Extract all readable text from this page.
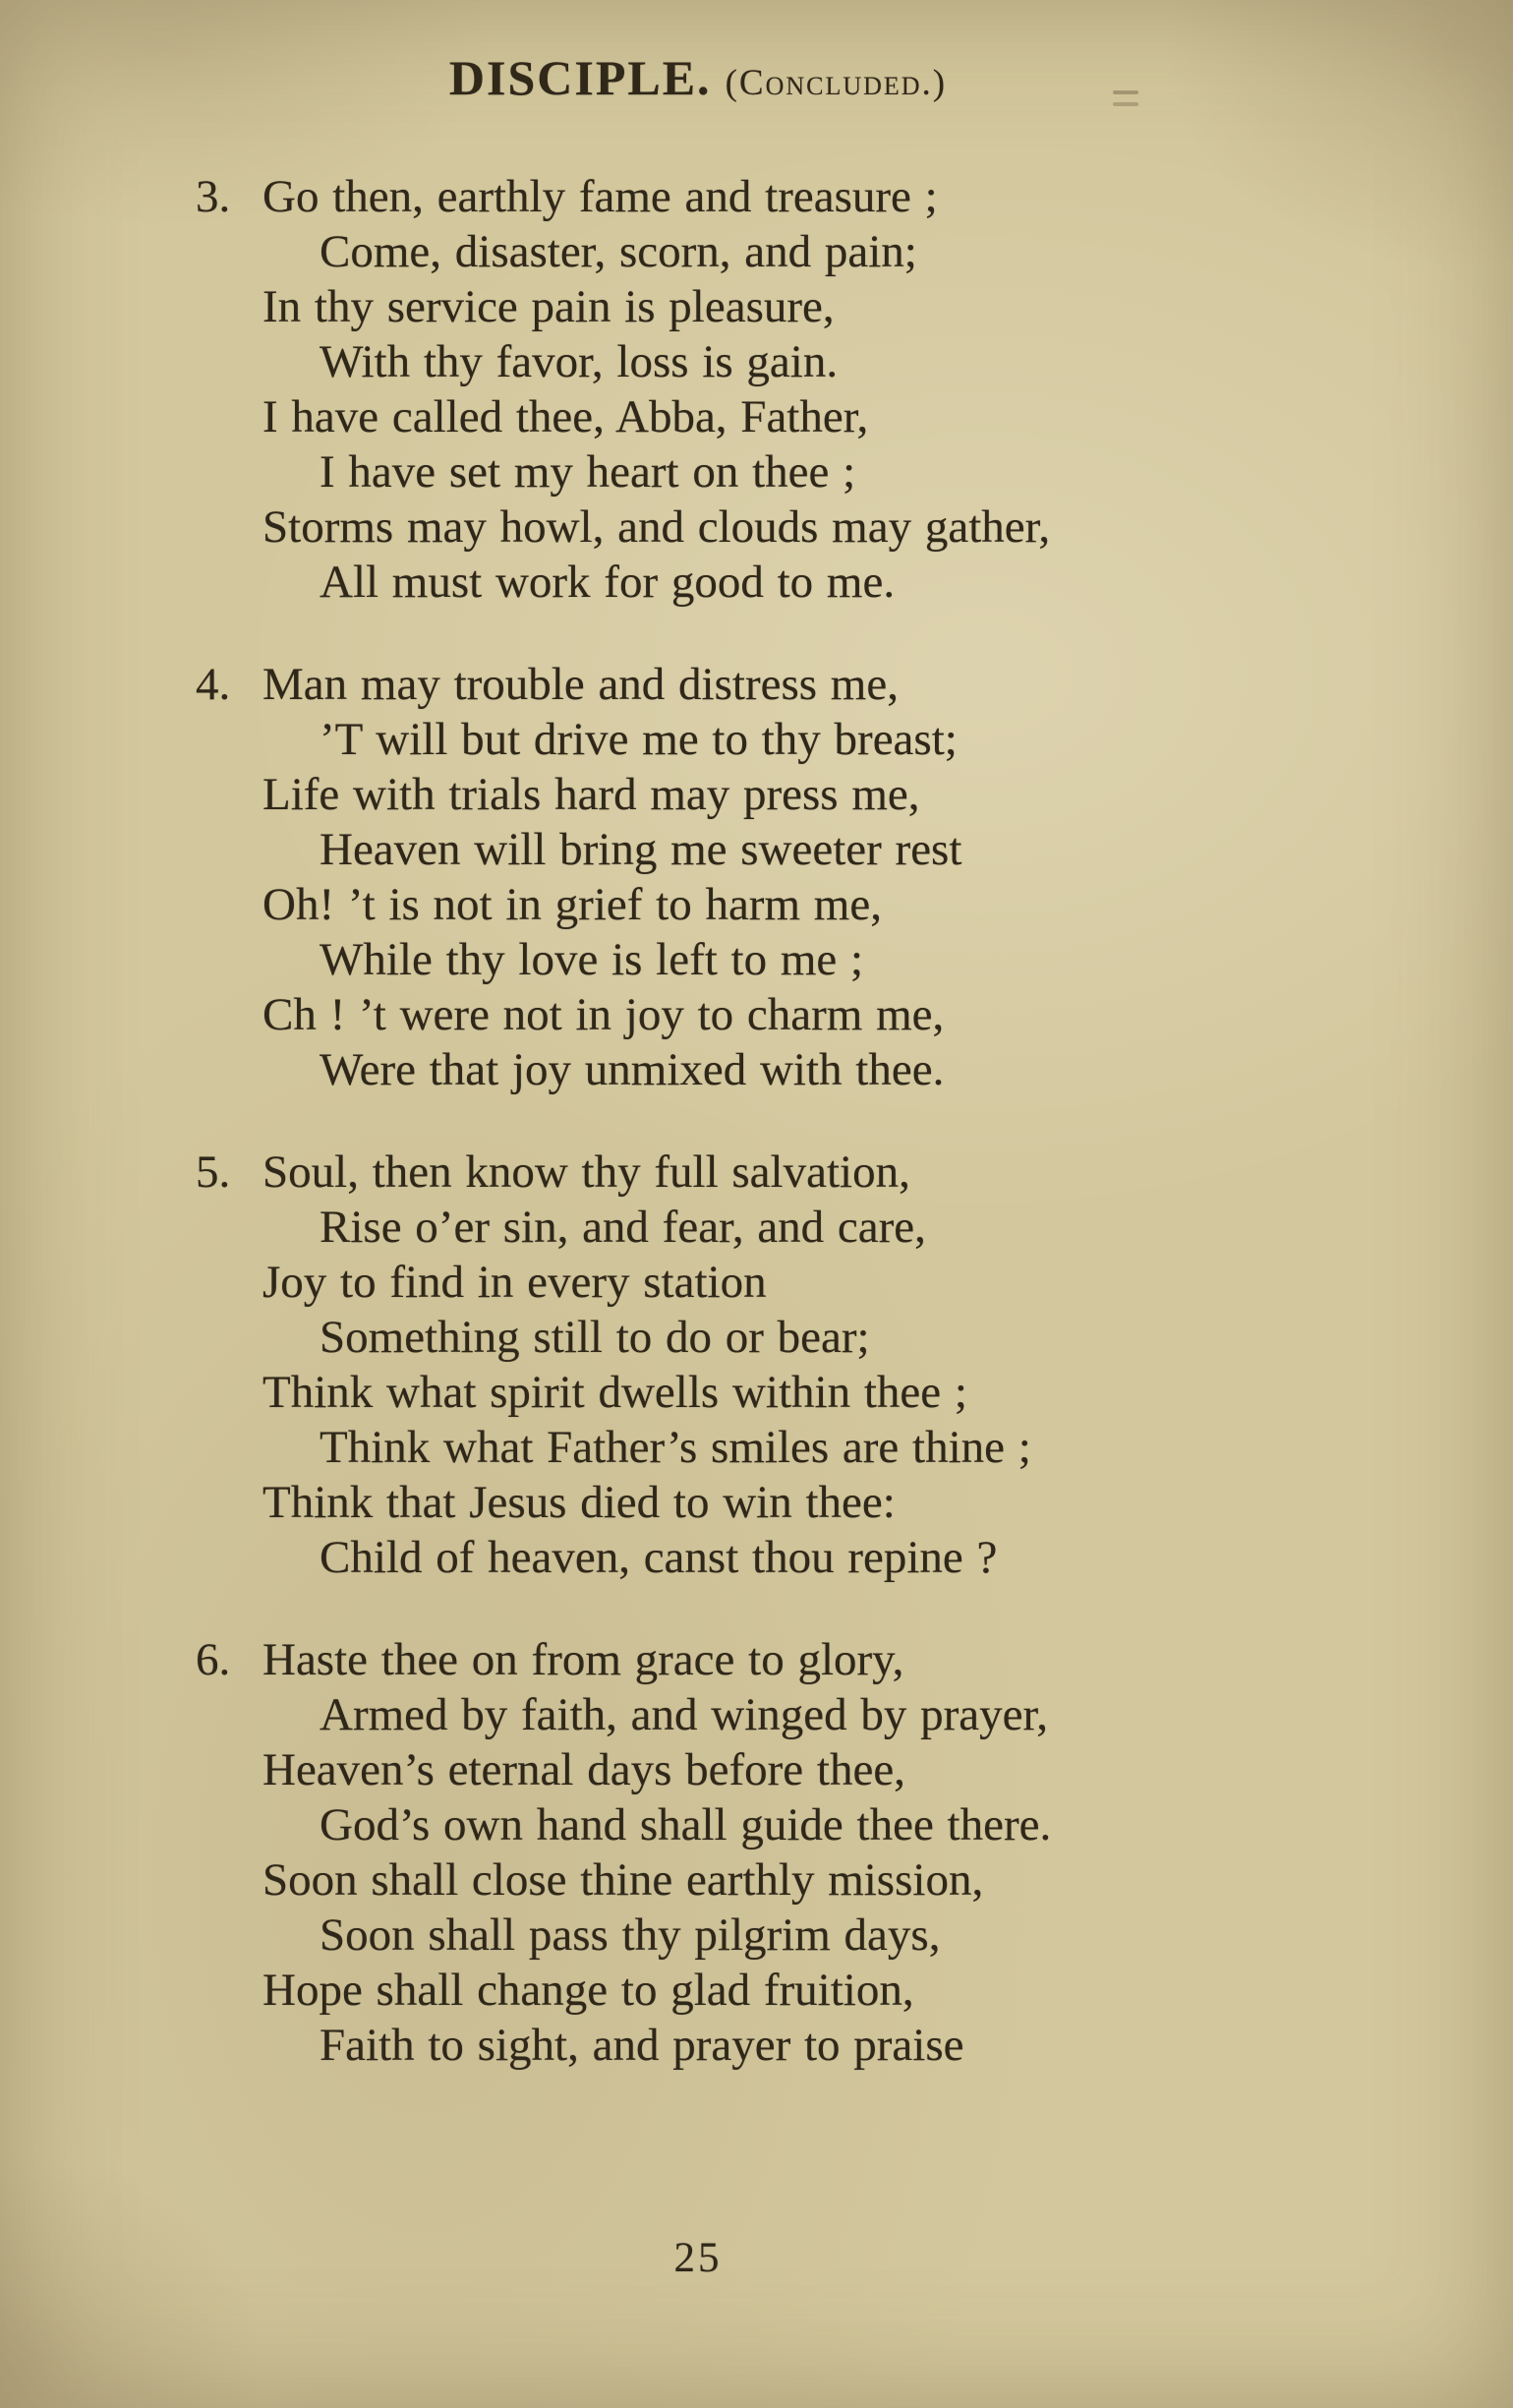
DISCIPLE. (Concluded.)
3. Go then, earthly fame and treasure ;
Come, disaster, scorn, and pain;
In thy service pain is pleasure,
With thy favor, loss is gain.
I have called thee, Abba, Father,
I have set my heart on thee ;
Storms may howl, and clouds may gather,
All must work for good to me.
4. Man may trouble and distress me,
’T will but drive me to thy breast;
Life with trials hard may press me,
Heaven will bring me sweeter rest
Oh! ’t is not in grief to harm me,
While thy love is left to me ;
Ch ! ’t were not in joy to charm me,
Were that joy unmixed with thee.
5. Soul, then know thy full salvation,
Rise o’er sin, and fear, and care,
Joy to find in every station
Something still to do or bear;
Think what spirit dwells within thee ;
Think what Father’s smiles are thine ;
Think that Jesus died to win thee:
Child of heaven, canst thou repine ?
6. Haste thee on from grace to glory,
Armed by faith, and winged by prayer,
Heaven’s eternal days before thee,
God’s own hand shall guide thee there.
Soon shall close thine earthly mission,
Soon shall pass thy pilgrim days,
Hope shall change to glad fruition,
Faith to sight, and prayer to praise
25
